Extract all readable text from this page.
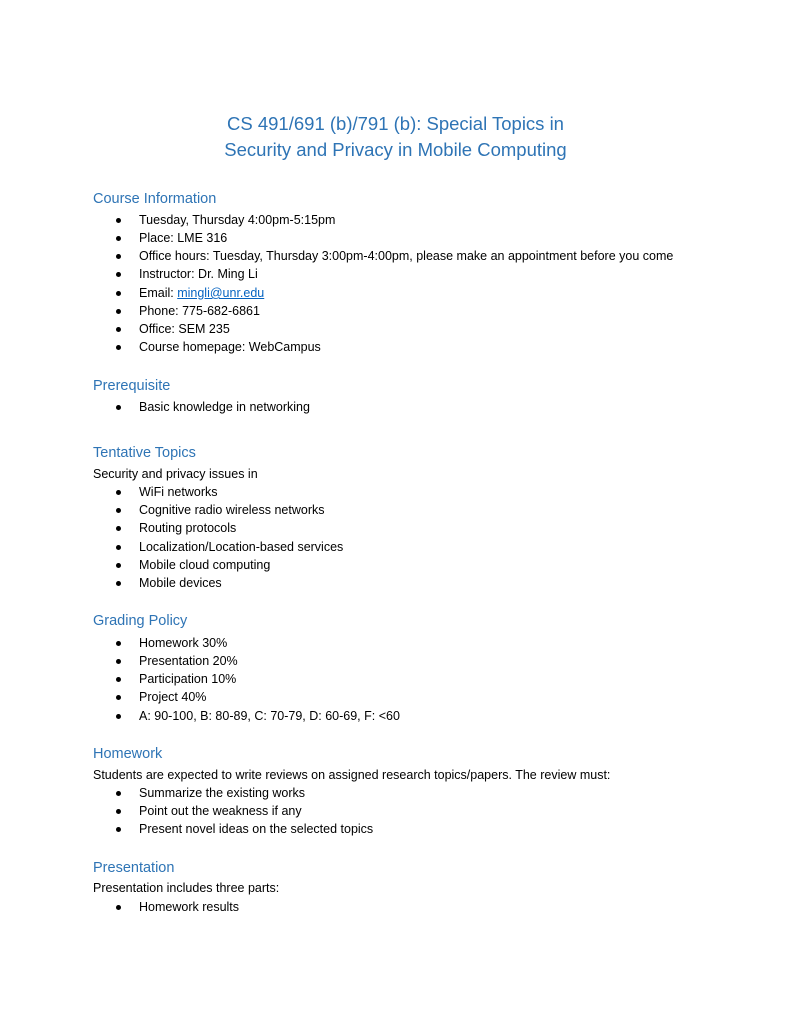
CS 491/691 (b)/791 (b): Special Topics in
Security and Privacy in Mobile Computing
Course Information
Tuesday, Thursday 4:00pm-5:15pm
Place: LME 316
Office hours: Tuesday, Thursday 3:00pm-4:00pm, please make an appointment before you come
Instructor: Dr. Ming Li
Email: mingli@unr.edu
Phone: 775-682-6861
Office: SEM 235
Course homepage: WebCampus
Prerequisite
Basic knowledge in networking
Tentative Topics
Security and privacy issues in
WiFi networks
Cognitive radio wireless networks
Routing protocols
Localization/Location-based services
Mobile cloud computing
Mobile devices
Grading Policy
Homework 30%
Presentation 20%
Participation 10%
Project 40%
A: 90-100, B: 80-89, C: 70-79, D: 60-69, F: <60
Homework
Students are expected to write reviews on assigned research topics/papers. The review must:
Summarize the existing works
Point out the weakness if any
Present novel ideas on the selected topics
Presentation
Presentation includes three parts:
Homework results
